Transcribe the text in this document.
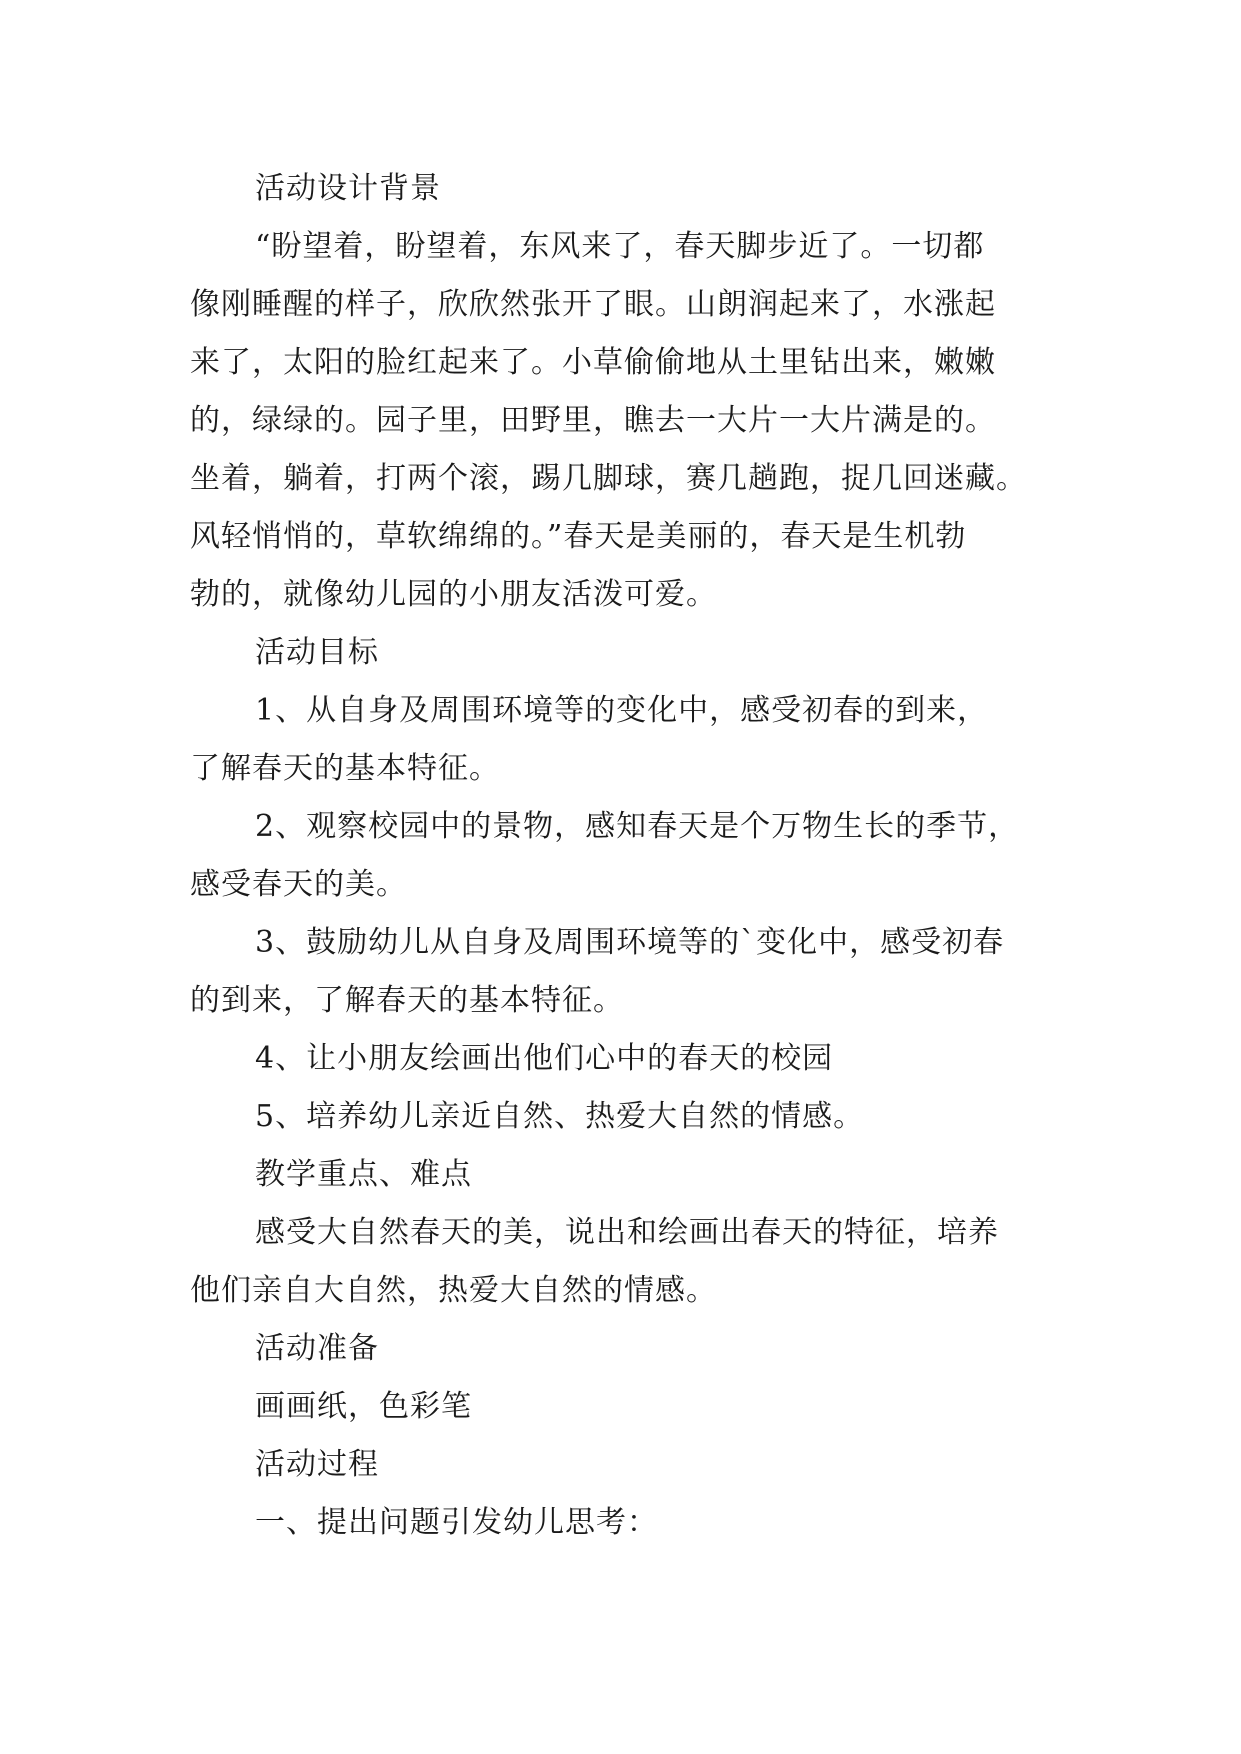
活动设计背景
“盼望着，盼望着，东风来了，春天脚步近了。一切都
像刚睡醒的样子，欣欣然张开了眼。山朗润起来了，水涨起
来了，太阳的脸红起来了。小草偷偷地从土里钻出来，嫩嫩
的，绿绿的。园子里，田野里，瞧去一大片一大片满是的。
坐着，躺着，打两个滚，踢几脚球，赛几趟跑，捉几回迷藏。
风轻悄悄的，草软绵绵的。”春天是美丽的，春天是生机勃
勃的，就像幼儿园的小朋友活泼可爱。
活动目标
1、从自身及周围环境等的变化中，感受初春的到来，
了解春天的基本特征。
2、观察校园中的景物，感知春天是个万物生长的季节，
感受春天的美。
3、鼓励幼儿从自身及周围环境等的`变化中，感受初春
的到来，了解春天的基本特征。
4、让小朋友绘画出他们心中的春天的校园
5、培养幼儿亲近自然、热爱大自然的情感。
教学重点、难点
感受大自然春天的美，说出和绘画出春天的特征，培养
他们亲自大自然，热爱大自然的情感。
活动准备
画画纸，色彩笔
活动过程
一、提出问题引发幼儿思考：
